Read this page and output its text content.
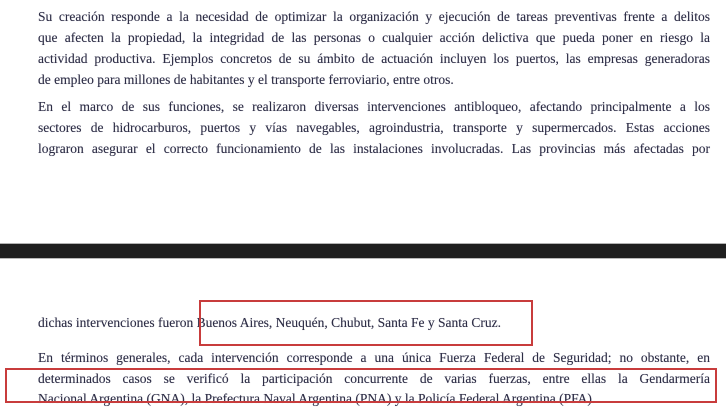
Su creación responde a la necesidad de optimizar la organización y ejecución de tareas preventivas frente a delitos
que afecten la propiedad, la integridad de las personas o cualquier acción delictiva que pueda poner en riesgo la
actividad productiva. Ejemplos concretos de su ámbito de actuación incluyen los puertos, las empresas generadoras
de empleo para millones de habitantes y el transporte ferroviario, entre otros.
En el marco de sus funciones, se realizaron diversas intervenciones antibloqueo, afectando principalmente a los
sectores de hidrocarburos, puertos y vías navegables, agroindustria, transporte y supermercados. Estas acciones
lograron asegurar el correcto funcionamiento de las instalaciones involucradas. Las provincias más afectadas por
dichas intervenciones fueron Buenos Aires, Neuquén, Chubut, Santa Fe y Santa Cruz.
En términos generales, cada intervención corresponde a una única Fuerza Federal de Seguridad; no obstante, en
determinados casos se verificó la participación concurrente de varias fuerzas, entre ellas la Gendarmería
Nacional Argentina (GNA), la Prefectura Naval Argentina (PNA) y la Policía Federal Argentina (PFA).
